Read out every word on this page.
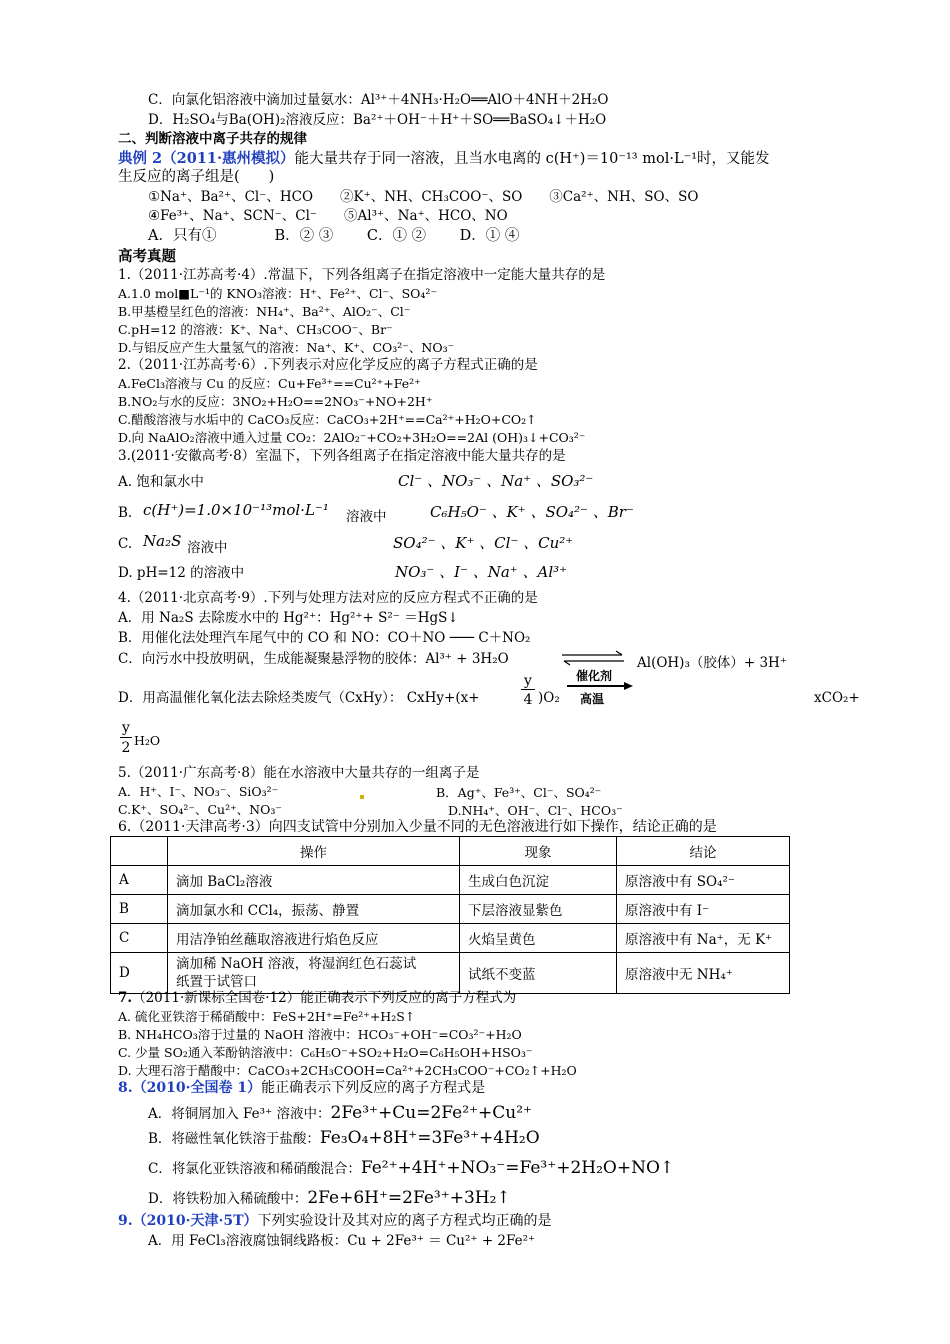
C．向氯化铝溶液中滴加过量氨水：Al³⁺＋4NH₃·H₂O══AlO＋4NH＋2H₂O
D．H₂SO₄与Ba(OH)₂溶液反应：Ba²⁺＋OH⁻＋H⁺＋SO══BaSO₄↓＋H₂O
二、判断溶液中离子共存的规律
典例 2（2011·惠州模拟）能大量共存于同一溶液，且当水电离的 c(H⁺)＝10⁻¹³ mol·L⁻¹时，又能发
生反应的离子组是(　　)
①Na⁺、Ba²⁺、Cl⁻、HCO　　②K⁺、NH、CH₃COO⁻、SO　　③Ca²⁺、NH、SO、SO
④Fe³⁺、Na⁺、SCN⁻、Cl⁻　　⑤Al³⁺、Na⁺、HCO、NO
A．只有①　　　　B．② ③　　 C．① ②　　 D．① ④
高考真题
1.（2011·江苏高考·4）.常温下，下列各组离子在指定溶液中一定能大量共存的是
A.1.0 mol■L⁻¹的 KNO₃溶液：H⁺、Fe²⁺、Cl⁻、SO₄²⁻
B.甲基橙呈红色的溶液：NH₄⁺、Ba²⁺、AlO₂⁻、Cl⁻
C.pH=12 的溶液：K⁺、Na⁺、CH₃COO⁻、Br⁻
D.与铝反应产生大量氢气的溶液：Na⁺、K⁺、CO₃²⁻、NO₃⁻
2.（2011·江苏高考·6）.下列表示对应化学反应的离子方程式正确的是
A.FeCl₃溶液与 Cu 的反应：Cu+Fe³⁺==Cu²⁺+Fe²⁺
B.NO₂与水的反应：3NO₂+H₂O==2NO₃⁻+NO+2H⁺
C.醋酸溶液与水垢中的 CaCO₃反应：CaCO₃+2H⁺==Ca²⁺+H₂O+CO₂↑
D.向 NaAlO₂溶液中通入过量 CO₂：2AlO₂⁻+CO₂+3H₂O==2Al (OH)₃↓+CO₃²⁻
3.(2011·安徽高考·8）室温下，下列各组离子在指定溶液中能大量共存的是
A. 饱和氯水中	Cl⁻ 、NO₃⁻ 、Na⁺ 、SO₃²⁻
B. c(H⁺)=1.0×10⁻¹³mol·L⁻¹ 溶液中	C₆H₅O⁻ 、K⁺ 、SO₄²⁻ 、Br⁻
C. Na₂S 溶液中	SO₄²⁻ 、K⁺ 、Cl⁻ 、Cu²⁺
D. pH=12 的溶液中	NO₃⁻ 、I⁻ 、Na⁺ 、Al³⁺
4.（2011·北京高考·9）.下列与处理方法对应的反应方程式不正确的是
A．用 Na₂S 去除废水中的 Hg²⁺：Hg²⁺+ S²⁻ ＝HgS↓
B．用催化法处理汽车尾气中的 CO 和 NO：CO＋NO ─── C＋NO₂
C．向污水中投放明矾，生成能凝聚悬浮物的胶体：Al³⁺ + 3H₂O	Al(OH)₃（胶体）+ 3H⁺
D．用高温催化氧化法去除烃类废气（CxHy）： CxHy+(x+
y
4 )O₂
催化剂
高温	xCO₂+
y
2 H₂O
5.（2011·广东高考·8）能在水溶液中大量共存的一组离子是
A．H⁺、I⁻、NO₃⁻、SiO₃²⁻	B．Ag⁺、Fe³⁺、Cl⁻、SO₄²⁻
C.K⁺、SO₄²⁻、Cu²⁺、NO₃⁻	D.NH₄⁺、OH⁻、Cl⁻、HCO₃⁻
6.（2011·天津高考·3）向四支试管中分别加入少量不同的无色溶液进行如下操作，结论正确的是
	操作	现象	结论
A	滴加 BaCl₂溶液	生成白色沉淀	原溶液中有 SO₄²⁻
B	滴加氯水和 CCl₄，振荡、静置	下层溶液显紫色	原溶液中有 I⁻
C	用洁净铂丝蘸取溶液进行焰色反应	火焰呈黄色	原溶液中有 Na⁺，无 K⁺
D	滴加稀 NaOH 溶液，将湿润红色石蕊试
纸置于试管口	试纸不变蓝	原溶液中无 NH₄⁺
7.（2011·新课标全国卷·12）能正确表示下列反应的离子方程式为
A. 硫化亚铁溶于稀硝酸中：FeS+2H⁺=Fe²⁺+H₂S↑
B. NH₄HCO₃溶于过量的 NaOH 溶液中：HCO₃⁻+OH⁻=CO₃²⁻+H₂O
C. 少量 SO₂通入苯酚钠溶液中：C₆H₅O⁻+SO₂+H₂O=C₆H₅OH+HSO₃⁻
D. 大理石溶于醋酸中：CaCO₃+2CH₃COOH=Ca²⁺+2CH₃COO⁻+CO₂↑+H₂O
8.（2010·全国卷 1）能正确表示下列反应的离子方程式是
A．将铜屑加入 Fe³⁺ 溶液中：2Fe³⁺+Cu=2Fe²⁺+Cu²⁺
B．将磁性氧化铁溶于盐酸：Fe₃O₄+8H⁺=3Fe³⁺+4H₂O
C．将氯化亚铁溶液和稀硝酸混合：Fe²⁺+4H⁺+NO₃⁻=Fe³⁺+2H₂O+NO↑
D．将铁粉加入稀硫酸中：2Fe+6H⁺=2Fe³⁺+3H₂↑
9.（2010·天津·5T）下列实验设计及其对应的离子方程式均正确的是
A．用 FeCl₃溶液腐蚀铜线路板：Cu + 2Fe³⁺ ＝ Cu²⁺ + 2Fe²⁺
